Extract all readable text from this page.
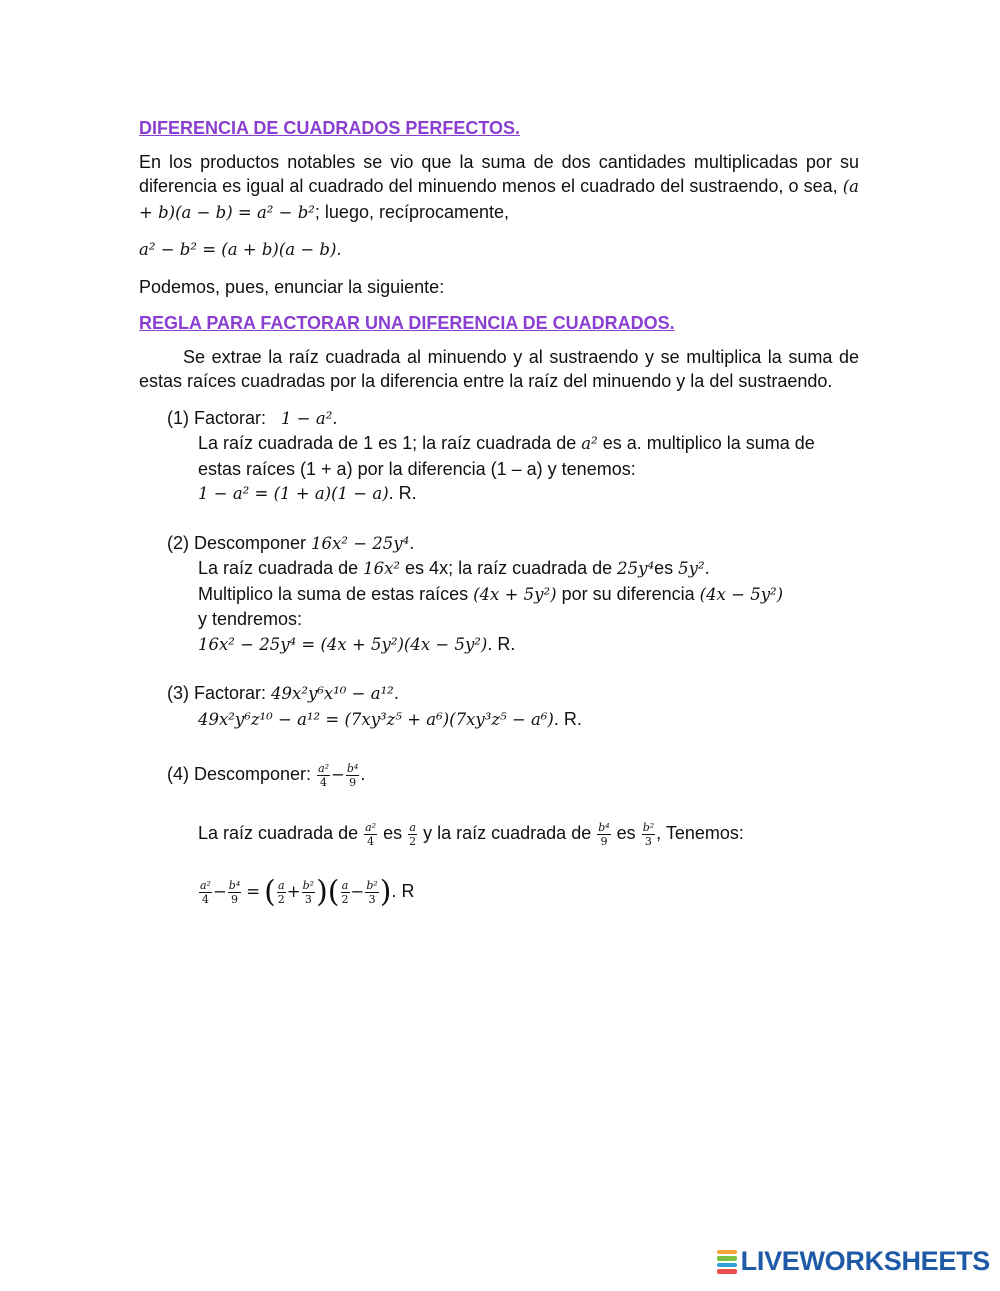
DIFERENCIA DE CUADRADOS PERFECTOS.
En los productos notables se vio que la suma de dos cantidades multiplicadas por su diferencia es igual al cuadrado del minuendo menos el cuadrado del sustraendo, o sea, (a + b)(a − b) = a² − b²; luego, recíprocamente,
a² − b² = (a + b)(a − b).
Podemos, pues, enunciar la siguiente:
REGLA PARA FACTORAR UNA DIFERENCIA DE CUADRADOS.
Se extrae la raíz cuadrada al minuendo y al sustraendo y se multiplica la suma de estas raíces cuadradas por la diferencia entre la raíz del minuendo y la del sustraendo.
(1) Factorar: 1 − a².
La raíz cuadrada de 1 es 1; la raíz cuadrada de a² es a. multiplico la suma de estas raíces (1 + a) por la diferencia (1 – a) y tenemos:
1 − a² = (1 + a)(1 − a). R.
(2) Descomponer 16x² − 25y⁴.
La raíz cuadrada de 16x² es 4x; la raíz cuadrada de 25y⁴es 5y².
Multiplico la suma de estas raíces (4x + 5y²) por su diferencia (4x − 5y²)
y tendremos:
16x² − 25y⁴ = (4x + 5y²)(4x − 5y²). R.
(3) Factorar: 49x²y⁶x¹⁰ − a¹².
49x²y⁶z¹⁰ − a¹² = (7xy³z⁵ + a⁶)(7xy³z⁵ − a⁶). R.
(4) Descomponer: $\frac{\text{a²}}{4} - \frac{\text{b⁴}}{9}$ .
La raíz cuadrada de $\frac{\text{a²}}{4}$ es $\frac{a}{2}$ y la raíz cuadrada de $\frac{\text{b⁴}}{9}$ es $\frac{\text{b²}}{3}$ , Tenemos:
$\frac{\text{a²}}{4} - \frac{\text{b⁴}}{9}$ = ( $\frac{a}{2} + \frac{\text{b²}}{3}$ )( $\frac{a}{2} - \frac{\text{b²}}{3}$ ). R
LIVEWORKSHEETS
